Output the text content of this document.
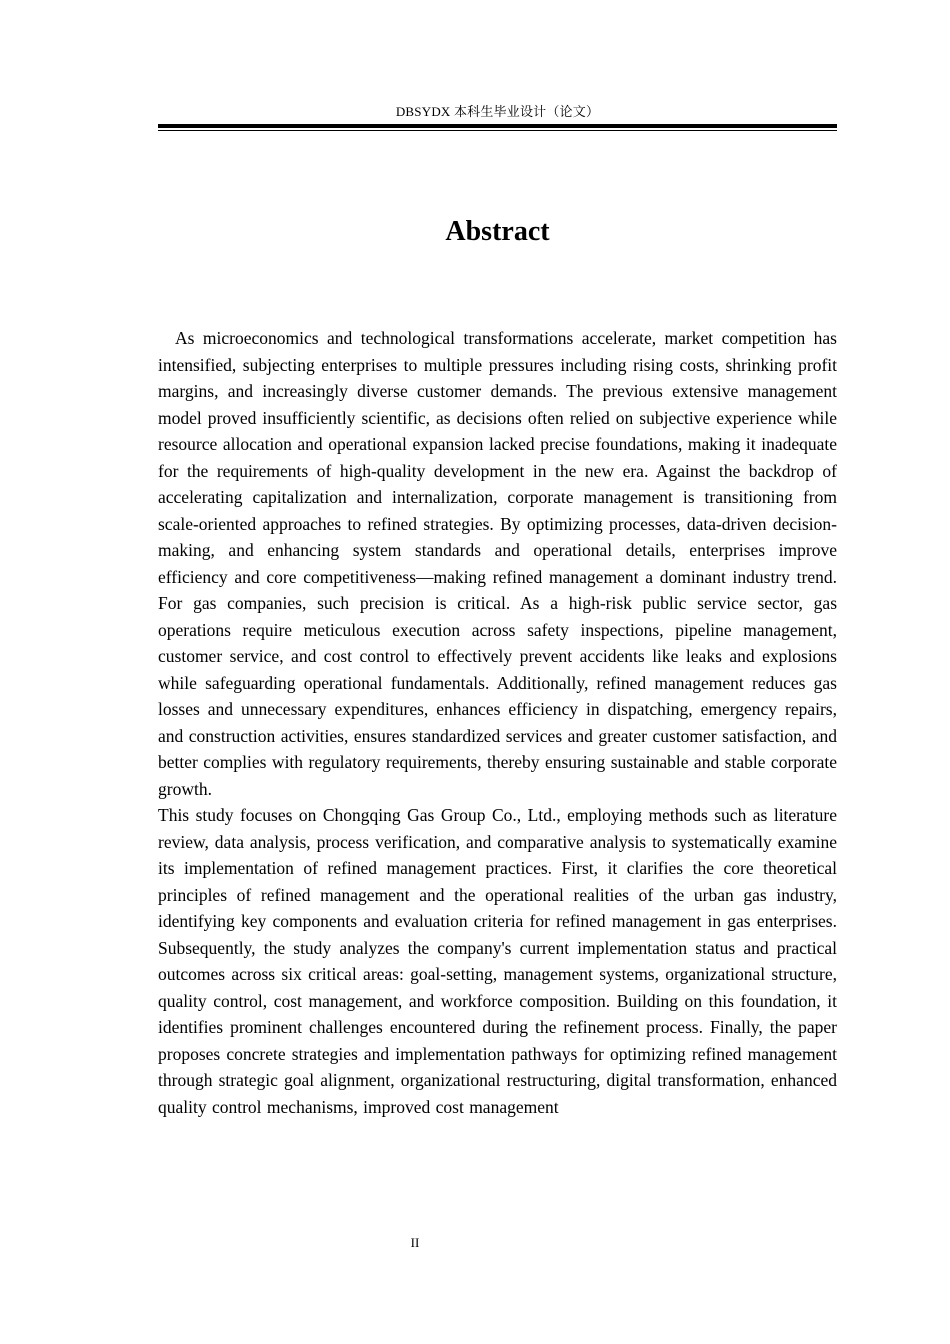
DBSYDX 本科生毕业设计（论文）
Abstract

As microeconomics and technological transformations accelerate, market competition has intensified, subjecting enterprises to multiple pressures including rising costs, shrinking profit margins, and increasingly diverse customer demands. The previous extensive management model proved insufficiently scientific, as decisions often relied on subjective experience while resource allocation and operational expansion lacked precise foundations, making it inadequate for the requirements of high-quality development in the new era. Against the backdrop of accelerating capitalization and internalization, corporate management is transitioning from scale-oriented approaches to refined strategies. By optimizing processes, data-driven decision-making, and enhancing system standards and operational details, enterprises improve efficiency and core competitiveness—making refined management a dominant industry trend. For gas companies, such precision is critical. As a high-risk public service sector, gas operations require meticulous execution across safety inspections, pipeline management, customer service, and cost control to effectively prevent accidents like leaks and explosions while safeguarding operational fundamentals. Additionally, refined management reduces gas losses and unnecessary expenditures, enhances efficiency in dispatching, emergency repairs, and construction activities, ensures standardized services and greater customer satisfaction, and better complies with regulatory requirements, thereby ensuring sustainable and stable corporate growth.

This study focuses on Chongqing Gas Group Co., Ltd., employing methods such as literature review, data analysis, process verification, and comparative analysis to systematically examine its implementation of refined management practices. First, it clarifies the core theoretical principles of refined management and the operational realities of the urban gas industry, identifying key components and evaluation criteria for refined management in gas enterprises. Subsequently, the study analyzes the company's current implementation status and practical outcomes across six critical areas: goal-setting, management systems, organizational structure, quality control, cost management, and workforce composition. Building on this foundation, it identifies prominent challenges encountered during the refinement process. Finally, the paper proposes concrete strategies and implementation pathways for optimizing refined management through strategic goal alignment, organizational restructuring, digital transformation, enhanced quality control mechanisms, improved cost management

II
